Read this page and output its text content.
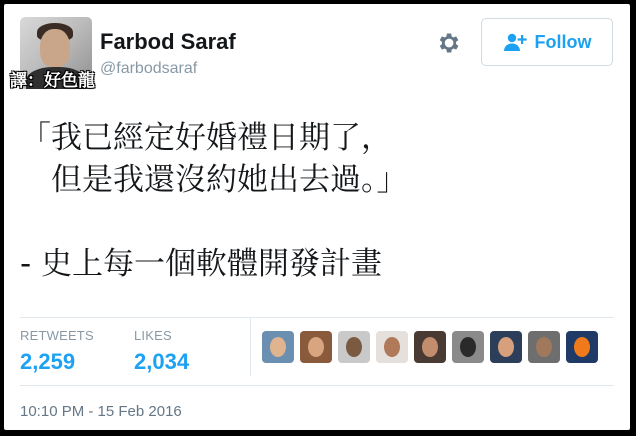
譯：好色龍
Farbod Saraf
@farbodsaraf
Follow
「我已經定好婚禮日期了，
　但是我還沒約她出去過。」

- 史上每一個軟體開發計畫
RETWEETS
2,259
LIKES
2,034
10:10 PM - 15 Feb 2016
